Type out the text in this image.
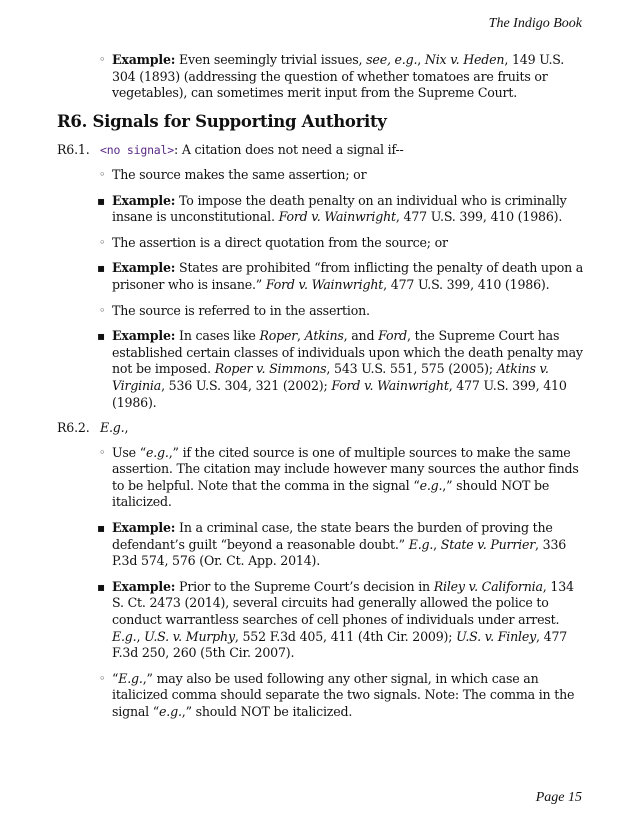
The Indigo Book
◦ Example: Even seemingly trivial issues, see, e.g., Nix v. Heden, 149 U.S. 304 (1893) (addressing the question of whether tomatoes are fruits or vegetables), can sometimes merit input from the Supreme Court.
R6. Signals for Supporting Authority
R6.1. <no signal>: A citation does not need a signal if--
◦ The source makes the same assertion; or
▪ Example: To impose the death penalty on an individual who is criminally insane is unconstitutional. Ford v. Wainwright, 477 U.S. 399, 410 (1986).
◦ The assertion is a direct quotation from the source; or
▪ Example: States are prohibited “from inflicting the penalty of death upon a prisoner who is insane.” Ford v. Wainwright, 477 U.S. 399, 410 (1986).
◦ The source is referred to in the assertion.
▪ Example: In cases like Roper, Atkins, and Ford, the Supreme Court has established certain classes of individuals upon which the death penalty may not be imposed. Roper v. Simmons, 543 U.S. 551, 575 (2005); Atkins v. Virginia, 536 U.S. 304, 321 (2002); Ford v. Wainwright, 477 U.S. 399, 410 (1986).
R6.2. E.g.,
◦ Use “e.g.,” if the cited source is one of multiple sources to make the same assertion. The citation may include however many sources the author finds to be helpful. Note that the comma in the signal “e.g.,” should NOT be italicized.
▪ Example: In a criminal case, the state bears the burden of proving the defendant’s guilt “beyond a reasonable doubt.” E.g., State v. Purrier, 336 P.3d 574, 576 (Or. Ct. App. 2014).
▪ Example: Prior to the Supreme Court’s decision in Riley v. California, 134 S. Ct. 2473 (2014), several circuits had generally allowed the police to conduct warrantless searches of cell phones of individuals under arrest. E.g., U.S. v. Murphy, 552 F.3d 405, 411 (4th Cir. 2009); U.S. v. Finley, 477 F.3d 250, 260 (5th Cir. 2007).
◦ “E.g.,” may also be used following any other signal, in which case an italicized comma should separate the two signals. Note: The comma in the signal “e.g.,” should NOT be italicized.
Page 15
